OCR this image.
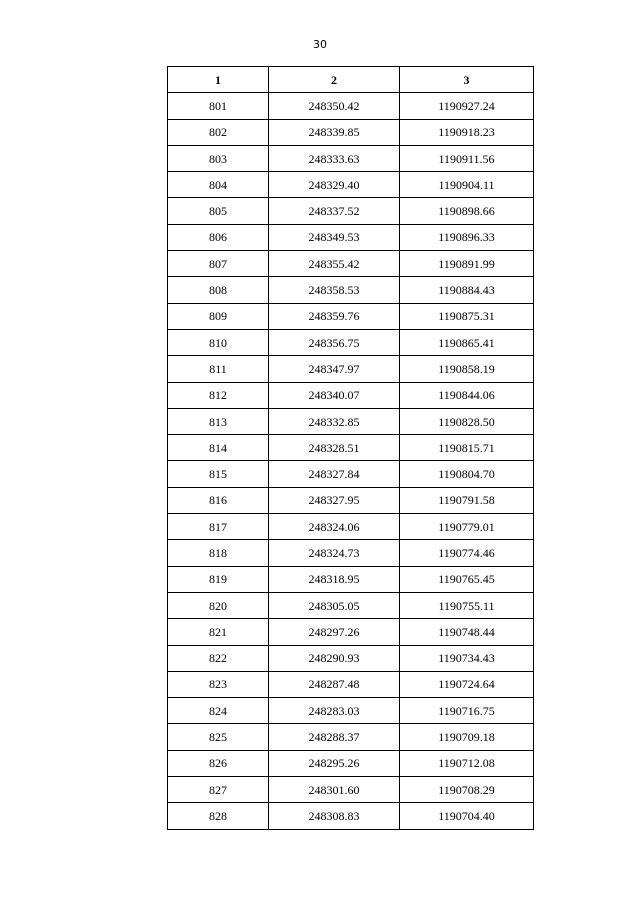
30
1	2	3
801	248350.42	1190927.24
802	248339.85	1190918.23
803	248333.63	1190911.56
804	248329.40	1190904.11
805	248337.52	1190898.66
806	248349.53	1190896.33
807	248355.42	1190891.99
808	248358.53	1190884.43
809	248359.76	1190875.31
810	248356.75	1190865.41
811	248347.97	1190858.19
812	248340.07	1190844.06
813	248332.85	1190828.50
814	248328.51	1190815.71
815	248327.84	1190804.70
816	248327.95	1190791.58
817	248324.06	1190779.01
818	248324.73	1190774.46
819	248318.95	1190765.45
820	248305.05	1190755.11
821	248297.26	1190748.44
822	248290.93	1190734.43
823	248287.48	1190724.64
824	248283.03	1190716.75
825	248288.37	1190709.18
826	248295.26	1190712.08
827	248301.60	1190708.29
828	248308.83	1190704.40
